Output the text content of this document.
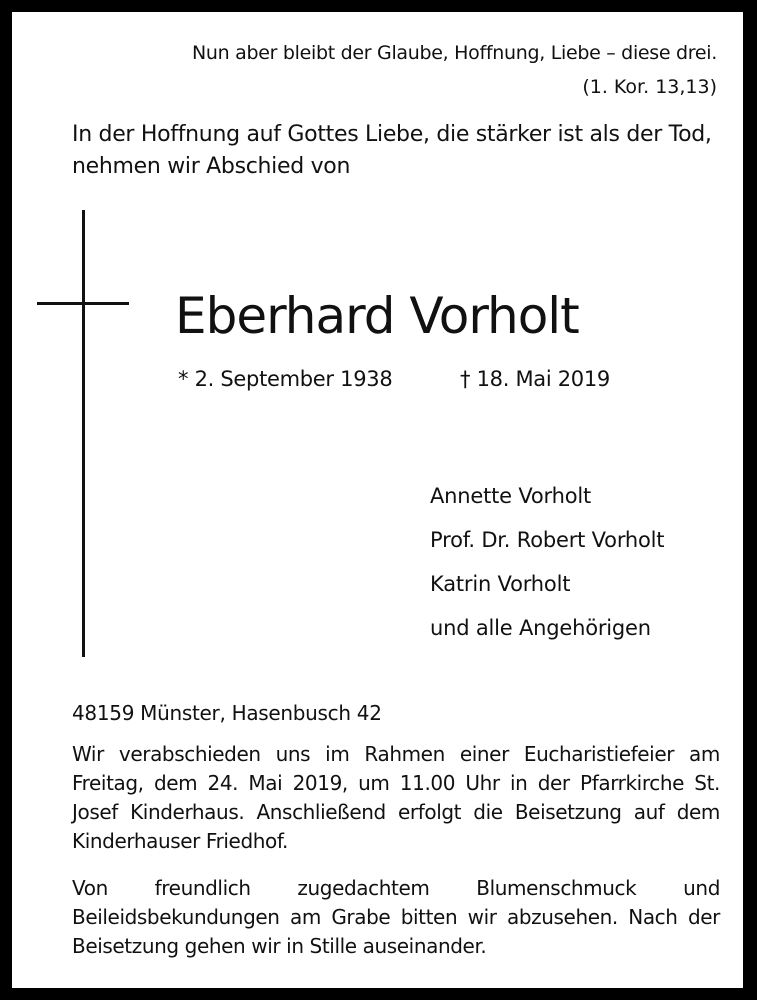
Nun aber bleibt der Glaube, Hoffnung, Liebe – diese drei.
(1. Kor. 13,13)
In der Hoffnung auf Gottes Liebe, die stärker ist als der Tod,
nehmen wir Abschied von
Eberhard Vorholt
* 2. September 1938	† 18. Mai 2019
Annette Vorholt
Prof. Dr. Robert Vorholt
Katrin Vorholt
und alle Angehörigen
48159 Münster, Hasenbusch 42
Wir verabschieden uns im Rahmen einer Eucharistiefeier am Freitag, dem 24. Mai 2019, um 11.00 Uhr in der Pfarrkirche St. Josef Kinderhaus. Anschließend erfolgt die Beisetzung auf dem Kinderhauser Friedhof.
Von freundlich zugedachtem Blumenschmuck und Beileidsbekundungen am Grabe bitten wir abzusehen. Nach der Beisetzung gehen wir in Stille auseinander.
